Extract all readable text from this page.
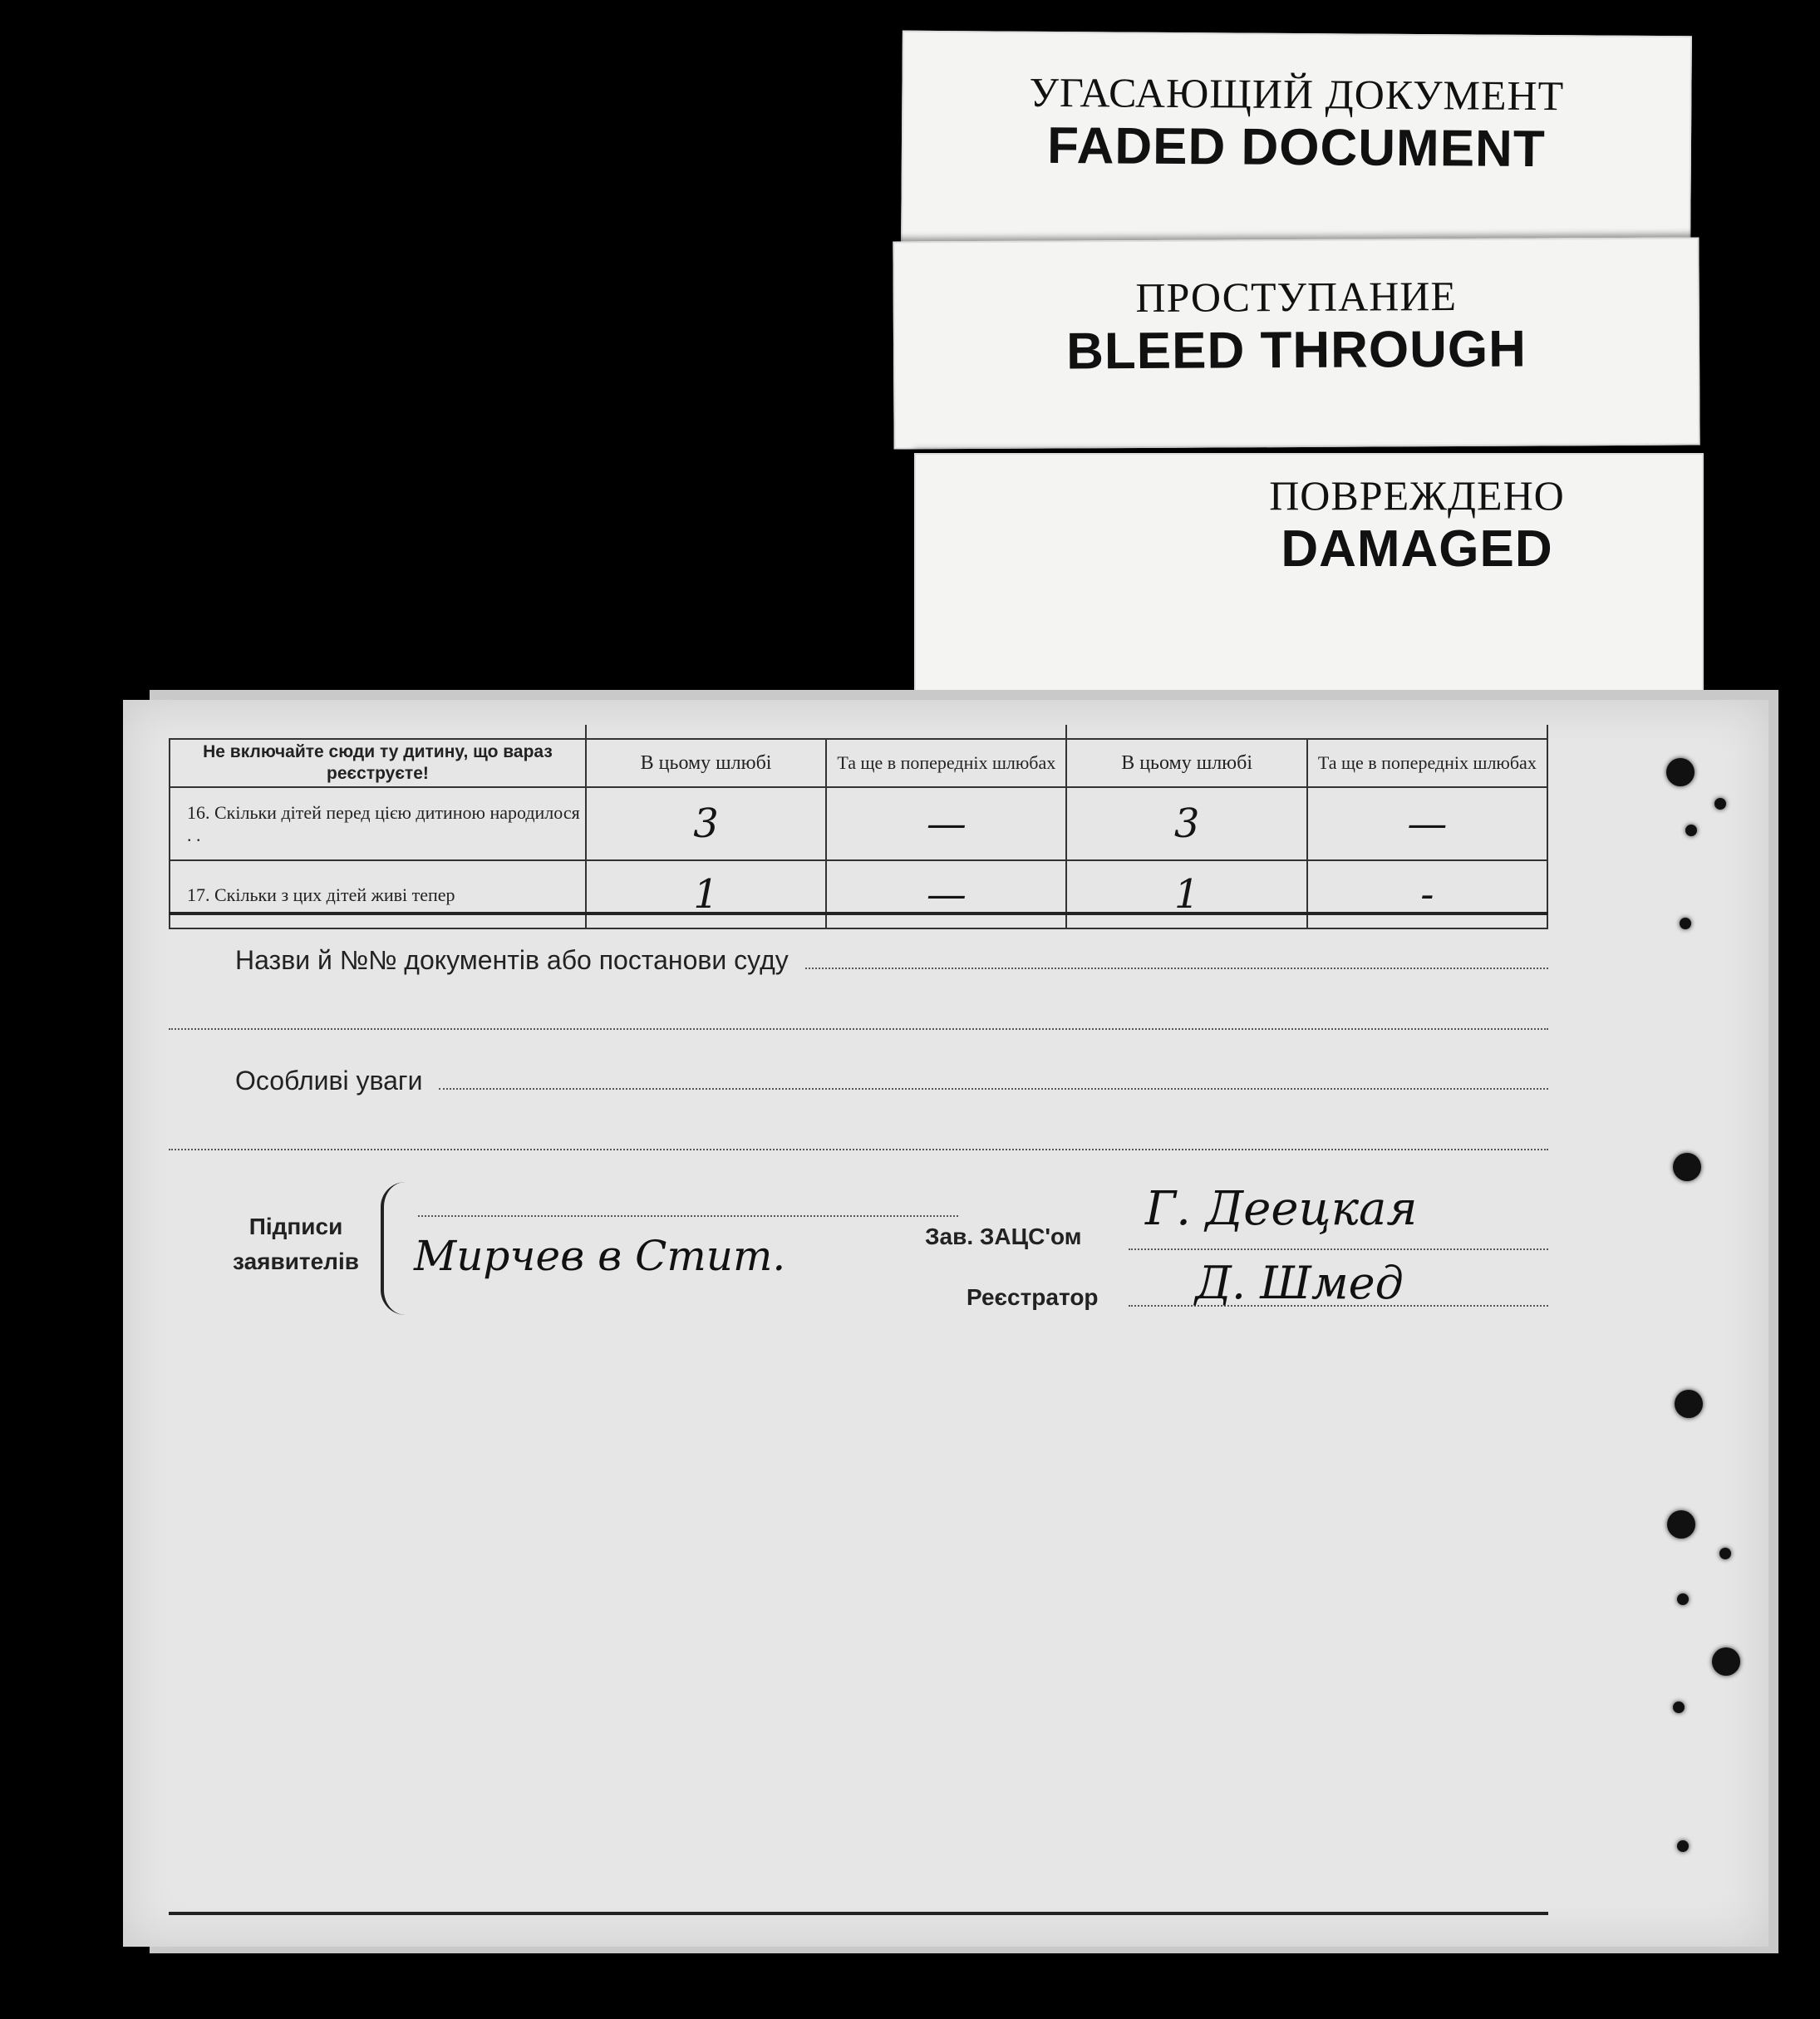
УГАСАЮЩИЙ ДОКУМЕНТ
FADED DOCUMENT
ПРОСТУПАНИЕ
BLEED THROUGH
ПОВРЕЖДЕНО
DAMAGED

Не включайте сюди ту дитину, що вараз реєструєте!	В цьому шлюбі	Та ще в попередніх шлюбах	В цьому шлюбі	Та ще в попередніх шлюбах
16. Скільки дітей перед цією дитиною народилося . .	3	—	3	—
17. Скільки з цих дітей живі тепер	1	—	1	-
Назви й №№ документів або постанови суду
Особливі уваги
Підписи
заявителів Мирчев в Стит.	Зав. ЗАЦС'ом
Г. Деецкая
Реєстратор Д. Шмед
